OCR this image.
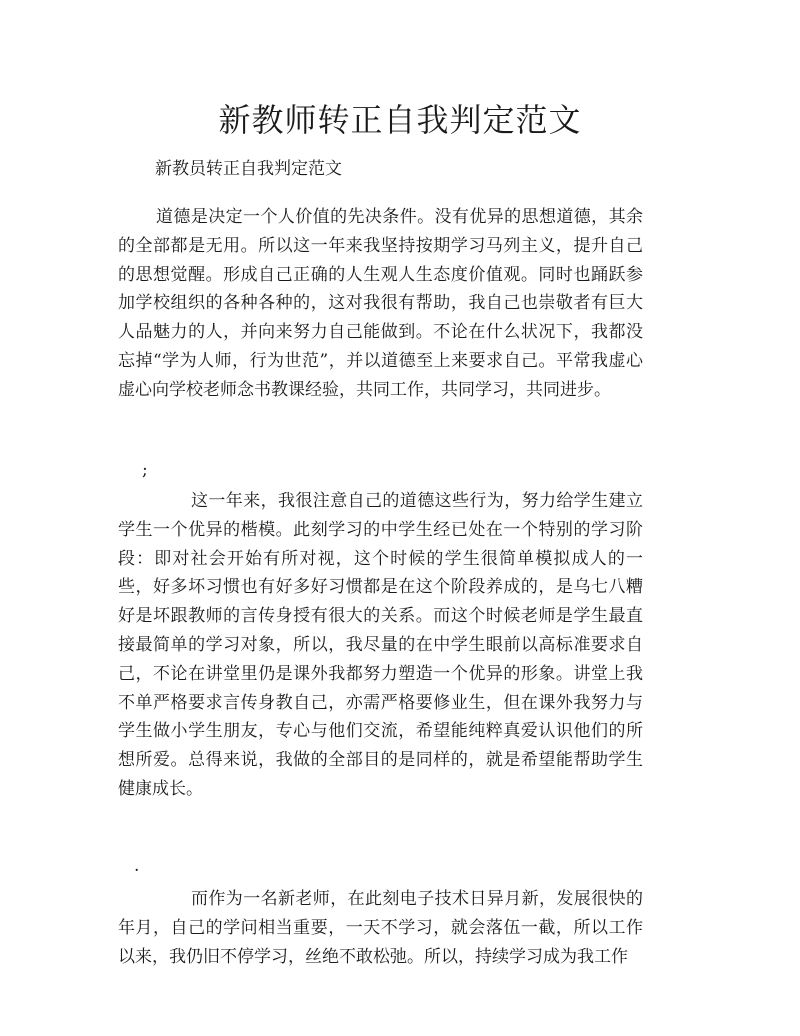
新教师转正自我判定范文
新教员转正自我判定范文

道德是决定一个人价值的先决条件。没有优异的思想道德，其余的全部都是无用。所以这一年来我坚持按期学习马列主义，提升自己的思想觉醒。形成自己正确的人生观人生态度价值观。同时也踊跃参加学校组织的各种各种的，这对我很有帮助，我自己也崇敬者有巨大人品魅力的人，并向来努力自己能做到。不论在什么状况下，我都没忘掉“学为人师，行为世范”，并以道德至上来要求自己。平常我虚心虚心向学校老师念书教课经验，共同工作，共同学习，共同进步。

;

这一年来，我很注意自己的道德这些行为，努力给学生建立学生一个优异的楷模。此刻学习的中学生经已处在一个特别的学习阶段：即对社会开始有所对视，这个时候的学生很简单模拟成人的一些，好多坏习惯也有好多好习惯都是在这个阶段养成的，是乌七八糟好是坏跟教师的言传身授有很大的关系。而这个时候老师是学生最直接最简单的学习对象，所以，我尽量的在中学生眼前以高标准要求自己，不论在讲堂里仍是课外我都努力塑造一个优异的形象。讲堂上我不单严格要求言传身教自己，亦需严格要修业生，但在课外我努力与学生做小学生朋友，专心与他们交流，希望能纯粹真爱认识他们的所想所爱。总得来说，我做的全部目的是同样的，就是希望能帮助学生健康成长。

.

而作为一名新老师，在此刻电子技术日异月新，发展很快的年月，自己的学问相当重要，一天不学习，就会落伍一截，所以工作以来，我仍旧不停学习，丝绝不敢松弛。所以，持续学习成为我工作
